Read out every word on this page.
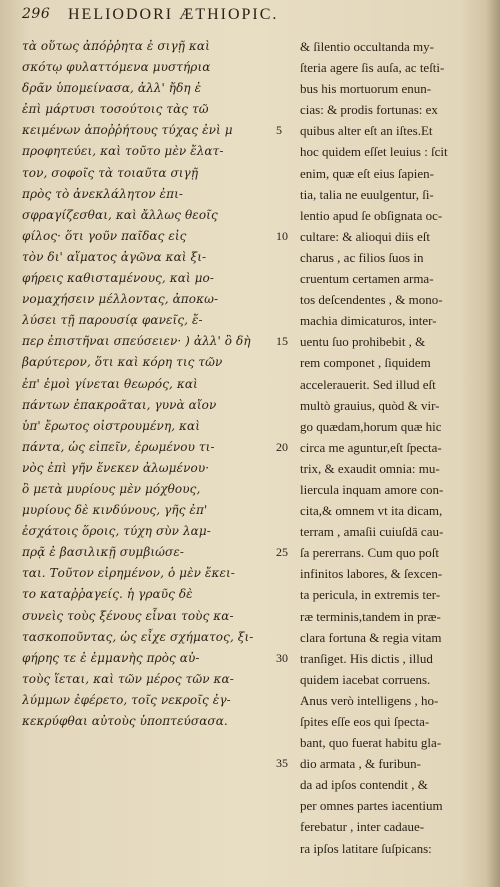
296 HELIODORI ÆTHIOPIC.
τὰ οὕτως ἀπόῤῥητα ἐ σιγῇ καὶ
σκότῳ φυλαττόμενα μυστήρια
δρᾶν ὑπομείνασα, ἀλλ' ἤδη ἐ
ἐπὶ μάρτυσι τοσούτοις τὰς τῶ
κειμένων ἀποῤῥήτους τύχας ἐνὶ μ
προφητεύει, καὶ τοῦτο μὲν ἔλατ-
τον, σοφοῖς τὰ τοιαῦτα σιγῇ
πρὸς τὸ ἀνεκλάλητον ἐπι-
σφραγίζεσθαι, καὶ ἄλλως θεοῖς
φίλος· ὅτι γοῦν παῖδας εἰς
τὸν δι' αἵματος ἀγῶνα καὶ ξι-
φήρεις καθισταμένους, καὶ μο-
νομαχήσειν μέλλοντας, ἀποκω-
λύσει τῇ παρουσίᾳ φανεῖς, ἔ-
περ ἐπιστῆναι σπεύσειεν· ) ἀλλ' ὃ δὴ
βαρύτερον, ὅτι καὶ κόρη τις τῶν
ἐπ' ἐμοὶ γίνεται θεωρός, καὶ
πάντων ἐπακροᾶται, γυνὰ αἴον
ὑπ' ἔρωτος οἰστρουμένη, καὶ
πάντα, ὡς εἰπεῖν, ἐρωμένου τι-
νὸς ἐπὶ γῆν ἕνεκεν ἀλωμένου·
ὃ μετὰ μυρίους μὲν μόχθους,
μυρίους δὲ κινδύνους, γῆς ἐπ'
ἐσχάτοις ὅροις, τύχη σὺν λαμ-
πρᾷ ἐ βασιλικῇ συμβιώσε-
ται. Τοῦτον εἰρημένον, ὁ μὲν ἔκει-
το καταῤῥαγείς. ἡ γραῦς δὲ
συνεὶς τοὺς ξένους εἶναι τοὺς κα-
τασκοποῦντας, ὡς εἶχε σχήματος, ξι-
φήρης τε ἐ ἐμμανὴς πρὸς αὐ-
τοὺς ἵεται, καὶ τῶν μέρος τῶν κα-
λύμμων ἐφέρετο, τοῖς νεκροῖς ἐγ-
κεκρύφθαι αὐτοὺς ὑποπτεύσασα.
5
10
15
20
25
30
35
& ſilentio occultanda my-
ſteria agere ſis auſa, ac teſti-
bus his mortuorum enun-
cias: & prodis fortunas: ex
quibus alter eſt an iſtes.Et
hoc quidem eſſet leuius : ſcit
enim, quæ eſt eius ſapien-
tia, talia ne euulgentur, ſi-
lentio apud ſe obſignata oc-
cultare: & alioqui diis eſt
charus , ac filios ſuos in
cruentum certamen arma-
tos deſcendentes , & mono-
machia dimicaturos, inter-
uentu ſuo prohibebit , &
rem componet , ſiquidem
accelerauerit. Sed illud eſt
multò grauius, quòd & vir-
go quædam,horum quæ hic
circa me aguntur,eſt ſpecta-
trix, & exaudit omnia: mu-
liercula inquam amore con-
cita,& omnem vt ita dicam,
terram , amaſii cuiuſdā cau-
ſa pererrans. Cum quo poſt
infinitos labores, & ſexcen-
ta pericula, in extremis ter-
ræ terminis,tandem in præ-
clara fortuna & regia vitam
tranſiget. His dictis , illud
quidem iacebat corruens.
Anus verò intelligens , ho-
ſpites eſſe eos qui ſpecta-
bant, quo fuerat habitu gla-
dio armata , & furibun-
da ad ipſos contendit , &
per omnes partes iacentium
ferebatur , inter cadaue-
ra ipſos latitare ſuſpicans:
